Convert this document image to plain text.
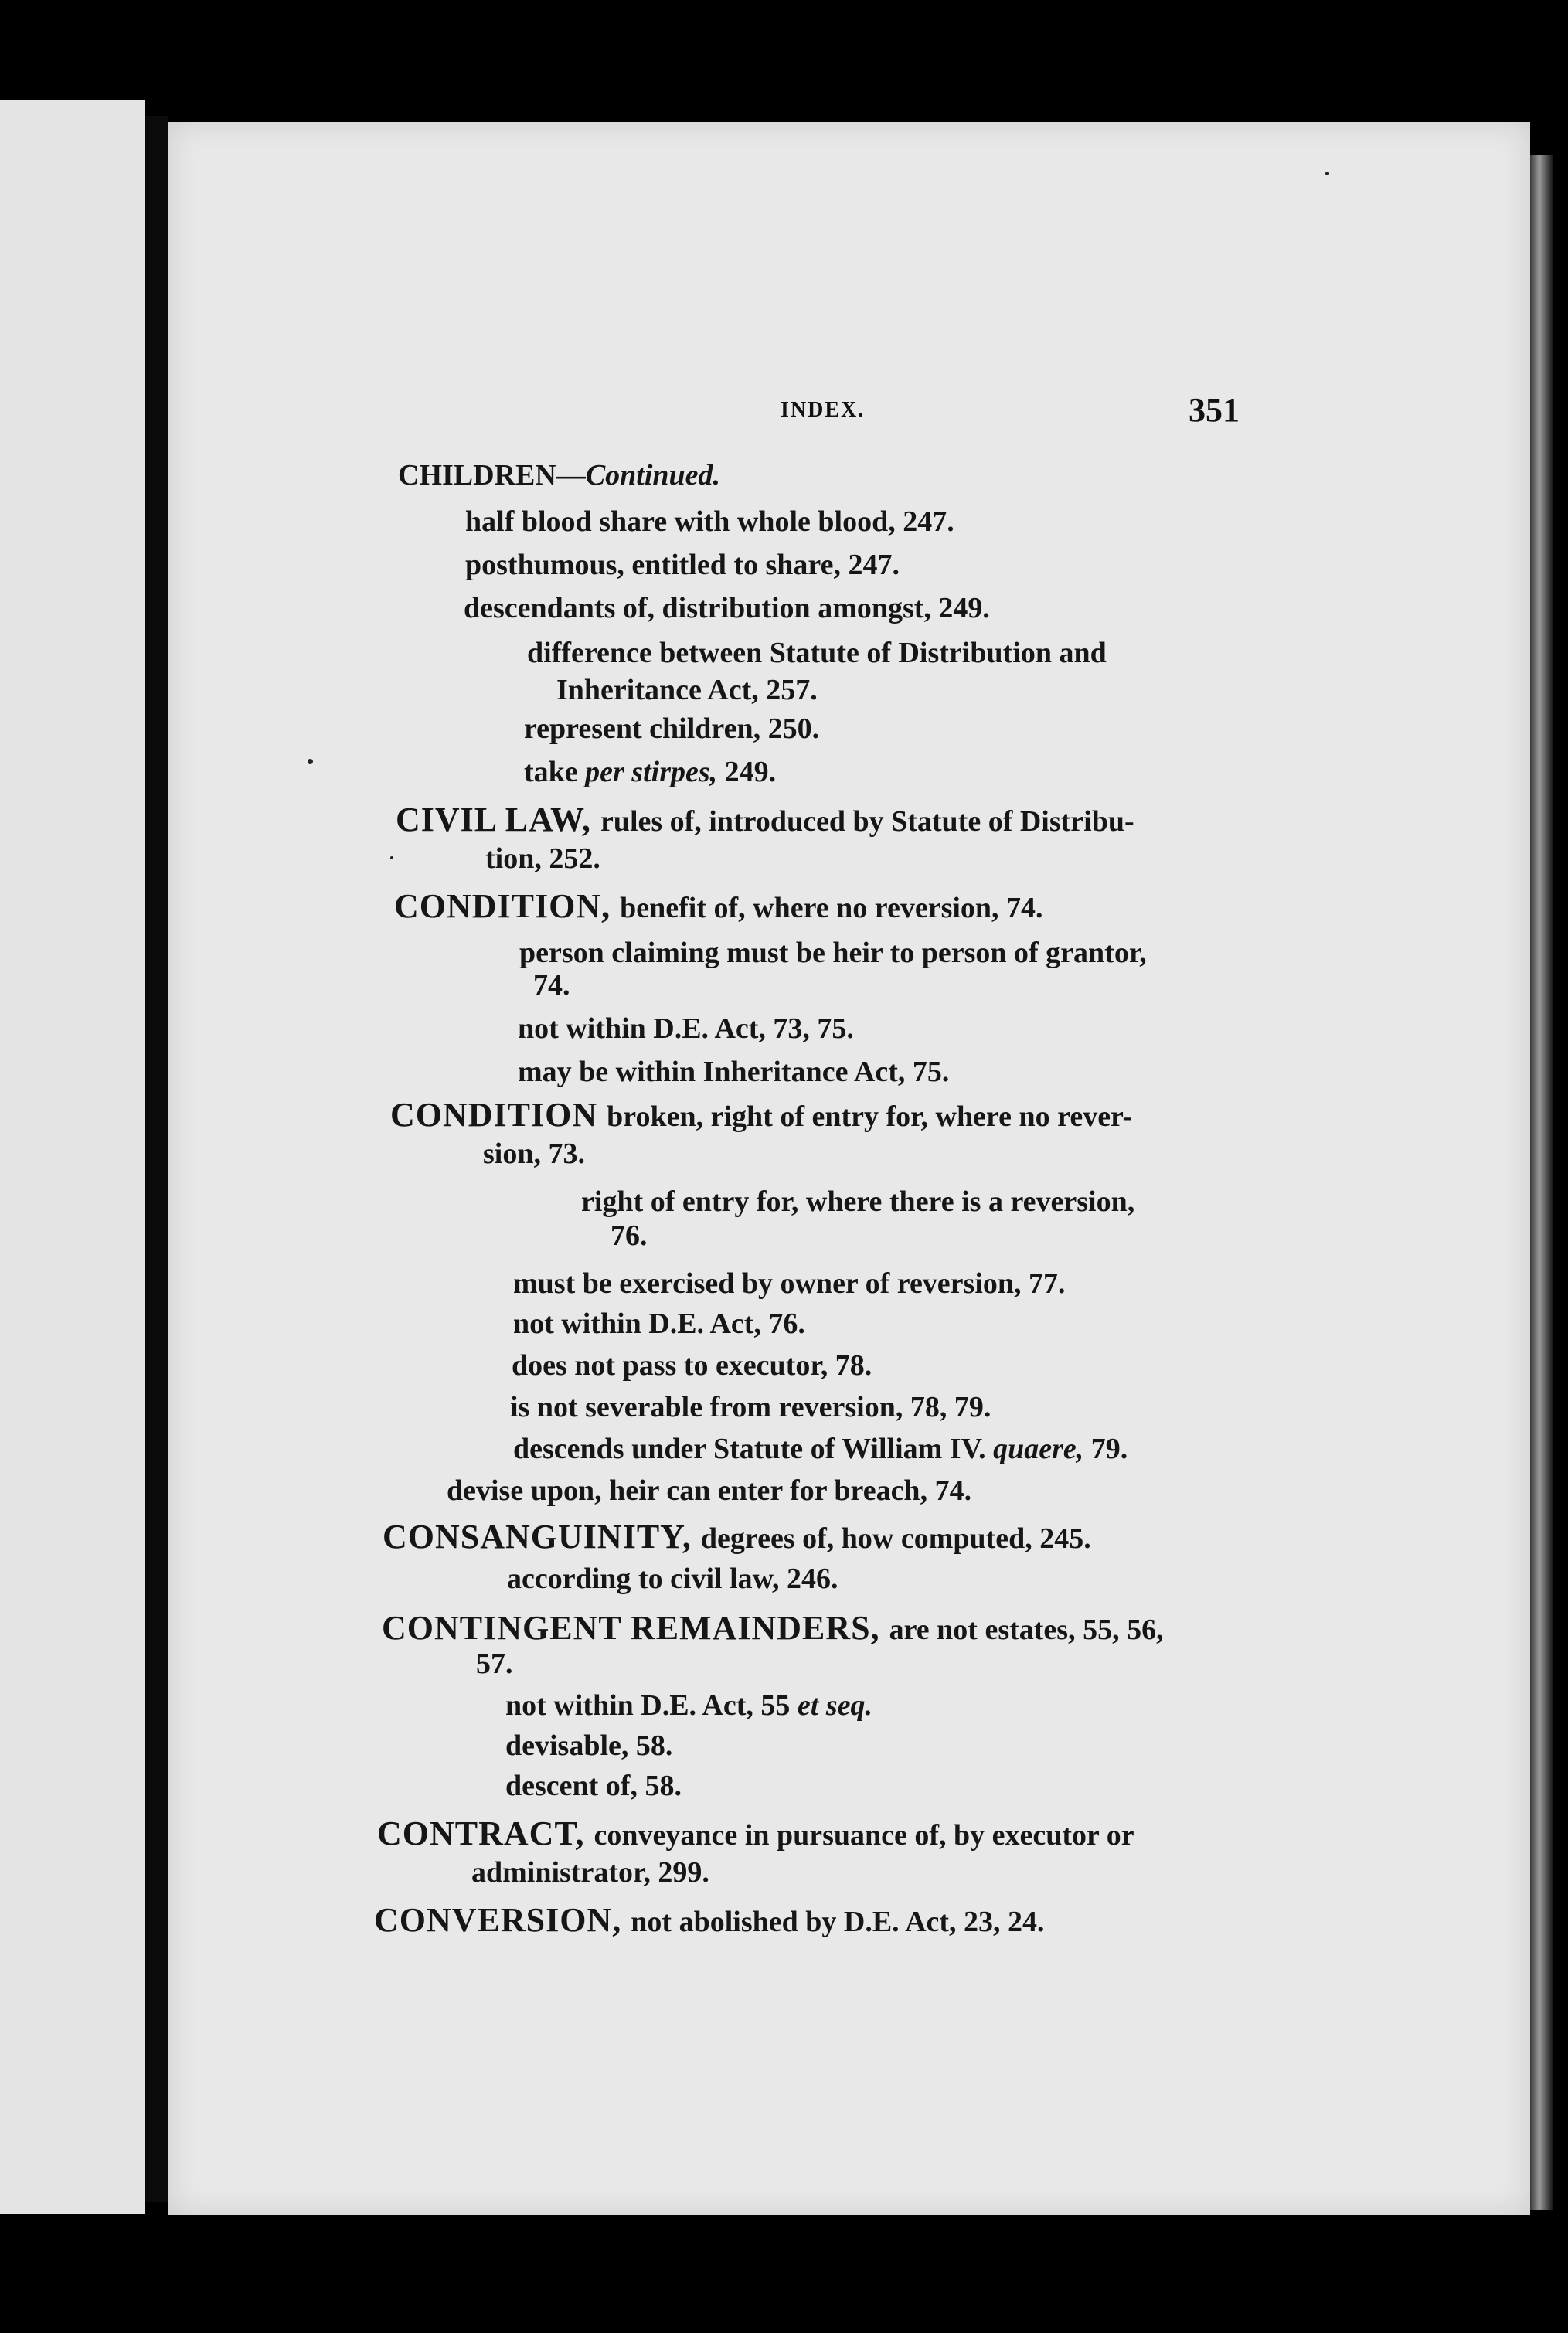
INDEX.	351
CHILDREN—Continued.
half blood share with whole blood, 247.
posthumous, entitled to share, 247.
descendants of, distribution amongst, 249.
difference between Statute of Distribution and
Inheritance Act, 257.
represent children, 250.
take per stirpes, 249.
CIVIL LAW, rules of, introduced by Statute of Distribu-
tion, 252.
CONDITION, benefit of, where no reversion, 74.
person claiming must be heir to person of grantor,
74.
not within D.E. Act, 73, 75.
may be within Inheritance Act, 75.
CONDITION broken, right of entry for, where no rever-
sion, 73.
right of entry for, where there is a reversion,
76.
must be exercised by owner of reversion, 77.
not within D.E. Act, 76.
does not pass to executor, 78.
is not severable from reversion, 78, 79.
descends under Statute of William IV. quaere, 79.
devise upon, heir can enter for breach, 74.
CONSANGUINITY, degrees of, how computed, 245.
according to civil law, 246.
CONTINGENT REMAINDERS, are not estates, 55, 56,
57.
not within D.E. Act, 55 et seq.
devisable, 58.
descent of, 58.
CONTRACT, conveyance in pursuance of, by executor or
administrator, 299.
CONVERSION, not abolished by D.E. Act, 23, 24.
